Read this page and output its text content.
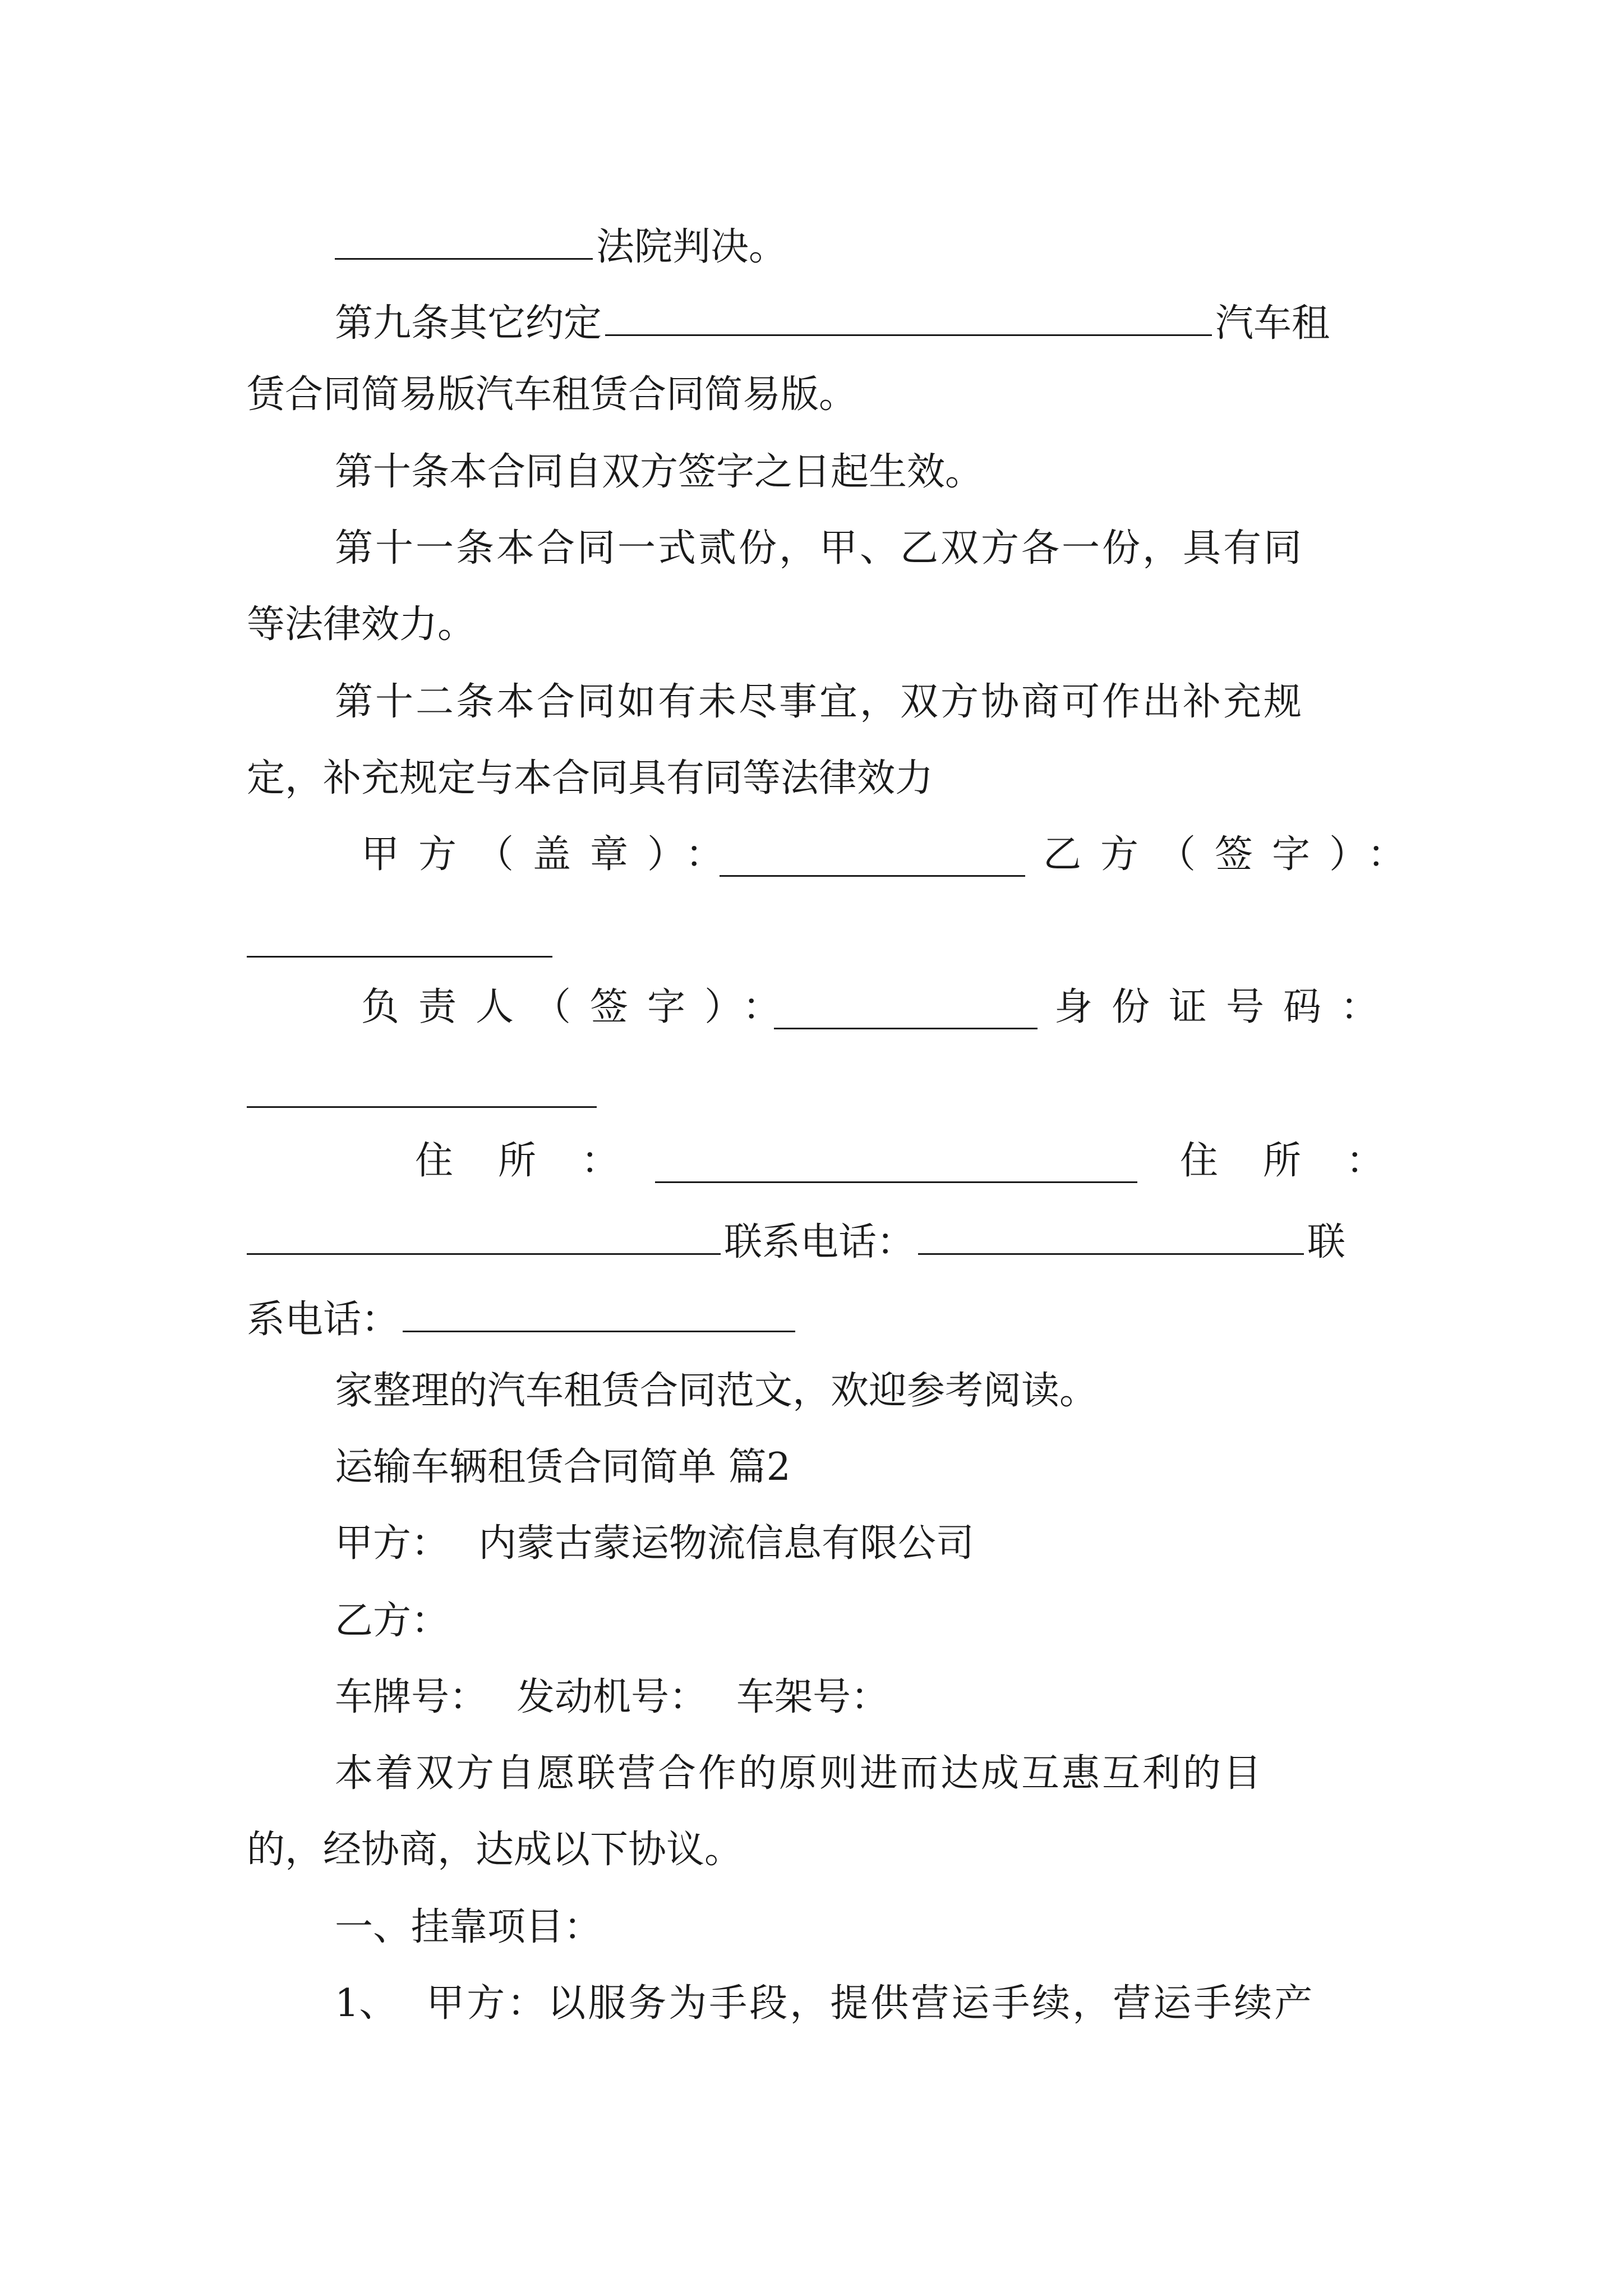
法院判决。
第九条其它约定	汽车租
赁合同简易版汽车租赁合同简易版。
第十条本合同自双方签字之日起生效。
第十一条本合同一式贰份，甲、乙双方各一份，具有同
等法律效力。
第十二条本合同如有未尽事宜，双方协商可作出补充规
定，补充规定与本合同具有同等法律效力
甲方（盖章）：	乙方（签字）：
负责人（签字）：	身份证号码：
住所：	住所：
联系电话：	联
系电话：
家整理的汽车租赁合同范文，欢迎参考阅读。
运输车辆租赁合同简单 篇2
甲方： 内蒙古蒙运物流信息有限公司
乙方：
车牌号： 发动机号： 车架号：
本着双方自愿联营合作的原则进而达成互惠互利的目
的，经协商，达成以下协议。
一、挂靠项目：
1、 甲方：以服务为手段，提供营运手续，营运手续产
